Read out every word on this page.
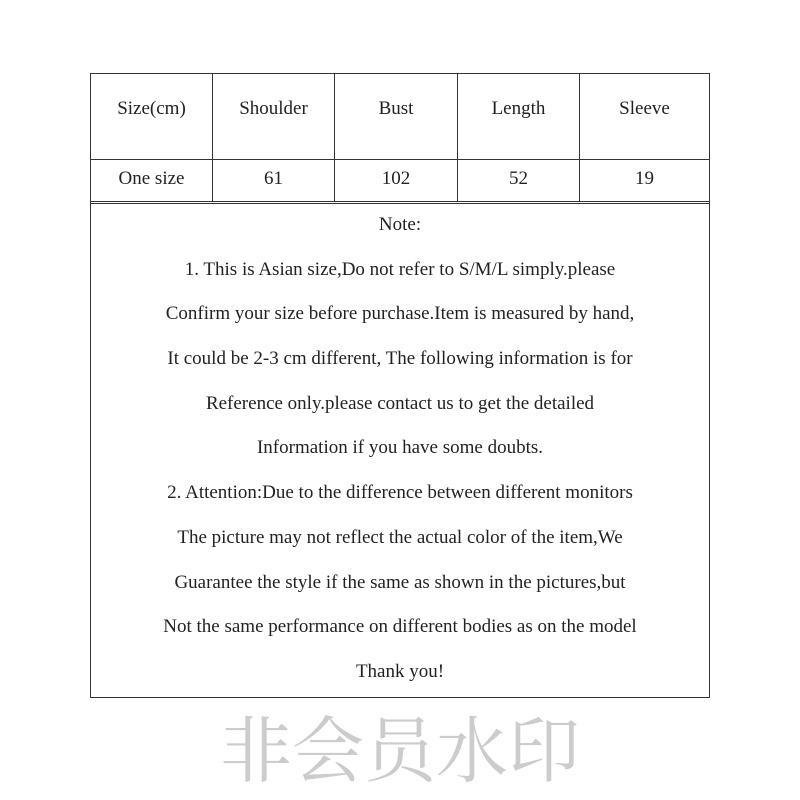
Size(cm)	Shoulder	Bust	Length	Sleeve
One size	61	102	52	19
Note:
1. This is Asian size,Do not refer to S/M/L simply.please
Confirm your size before purchase.Item is measured by hand,
It could be 2-3 cm different, The following information is for
Reference only.please contact us to get the detailed
Information if you have some doubts.
2. Attention:Due to the difference between different monitors
The picture may not reflect the actual color of the item,We
Guarantee the style if the same as shown in the pictures,but
Not the same performance on different bodies as on the model
Thank you!
非会员水印
